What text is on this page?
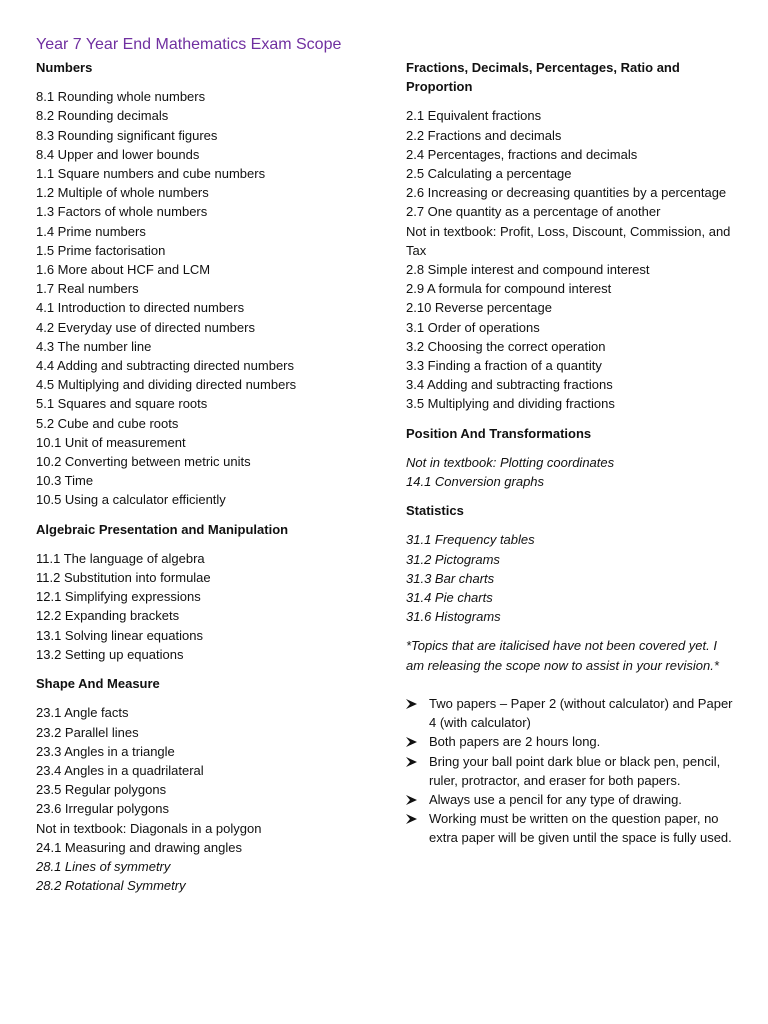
Year 7 Year End Mathematics Exam Scope
Numbers
8.1 Rounding whole numbers
8.2 Rounding decimals
8.3 Rounding significant figures
8.4 Upper and lower bounds
1.1 Square numbers and cube numbers
1.2 Multiple of whole numbers
1.3 Factors of whole numbers
1.4 Prime numbers
1.5 Prime factorisation
1.6 More about HCF and LCM
1.7 Real numbers
4.1 Introduction to directed numbers
4.2 Everyday use of directed numbers
4.3 The number line
4.4 Adding and subtracting directed numbers
4.5 Multiplying and dividing directed numbers
5.1 Squares and square roots
5.2 Cube and cube roots
10.1 Unit of measurement
10.2 Converting between metric units
10.3 Time
10.5 Using a calculator efficiently
Algebraic Presentation and Manipulation
11.1 The language of algebra
11.2 Substitution into formulae
12.1 Simplifying expressions
12.2 Expanding brackets
13.1 Solving linear equations
13.2 Setting up equations
Shape And Measure
23.1 Angle facts
23.2 Parallel lines
23.3 Angles in a triangle
23.4 Angles in a quadrilateral
23.5 Regular polygons
23.6 Irregular polygons
Not in textbook: Diagonals in a polygon
24.1 Measuring and drawing angles
28.1 Lines of symmetry
28.2 Rotational Symmetry
Fractions, Decimals, Percentages, Ratio and Proportion
2.1 Equivalent fractions
2.2 Fractions and decimals
2.4 Percentages, fractions and decimals
2.5 Calculating a percentage
2.6 Increasing or decreasing quantities by a percentage
2.7 One quantity as a percentage of another
Not in textbook: Profit, Loss, Discount, Commission, and Tax
2.8 Simple interest and compound interest
2.9 A formula for compound interest
2.10 Reverse percentage
3.1 Order of operations
3.2 Choosing the correct operation
3.3 Finding a fraction of a quantity
3.4 Adding and subtracting fractions
3.5 Multiplying and dividing fractions
Position And Transformations
Not in textbook: Plotting coordinates
14.1 Conversion graphs
Statistics
31.1 Frequency tables
31.2 Pictograms
31.3 Bar charts
31.4 Pie charts
31.6 Histograms
*Topics that are italicised have not been covered yet. I am releasing the scope now to assist in your revision.*
Two papers – Paper 2 (without calculator) and Paper 4 (with calculator)
Both papers are 2 hours long.
Bring your ball point dark blue or black pen, pencil, ruler, protractor, and eraser for both papers.
Always use a pencil for any type of drawing.
Working must be written on the question paper, no extra paper will be given until the space is fully used.
